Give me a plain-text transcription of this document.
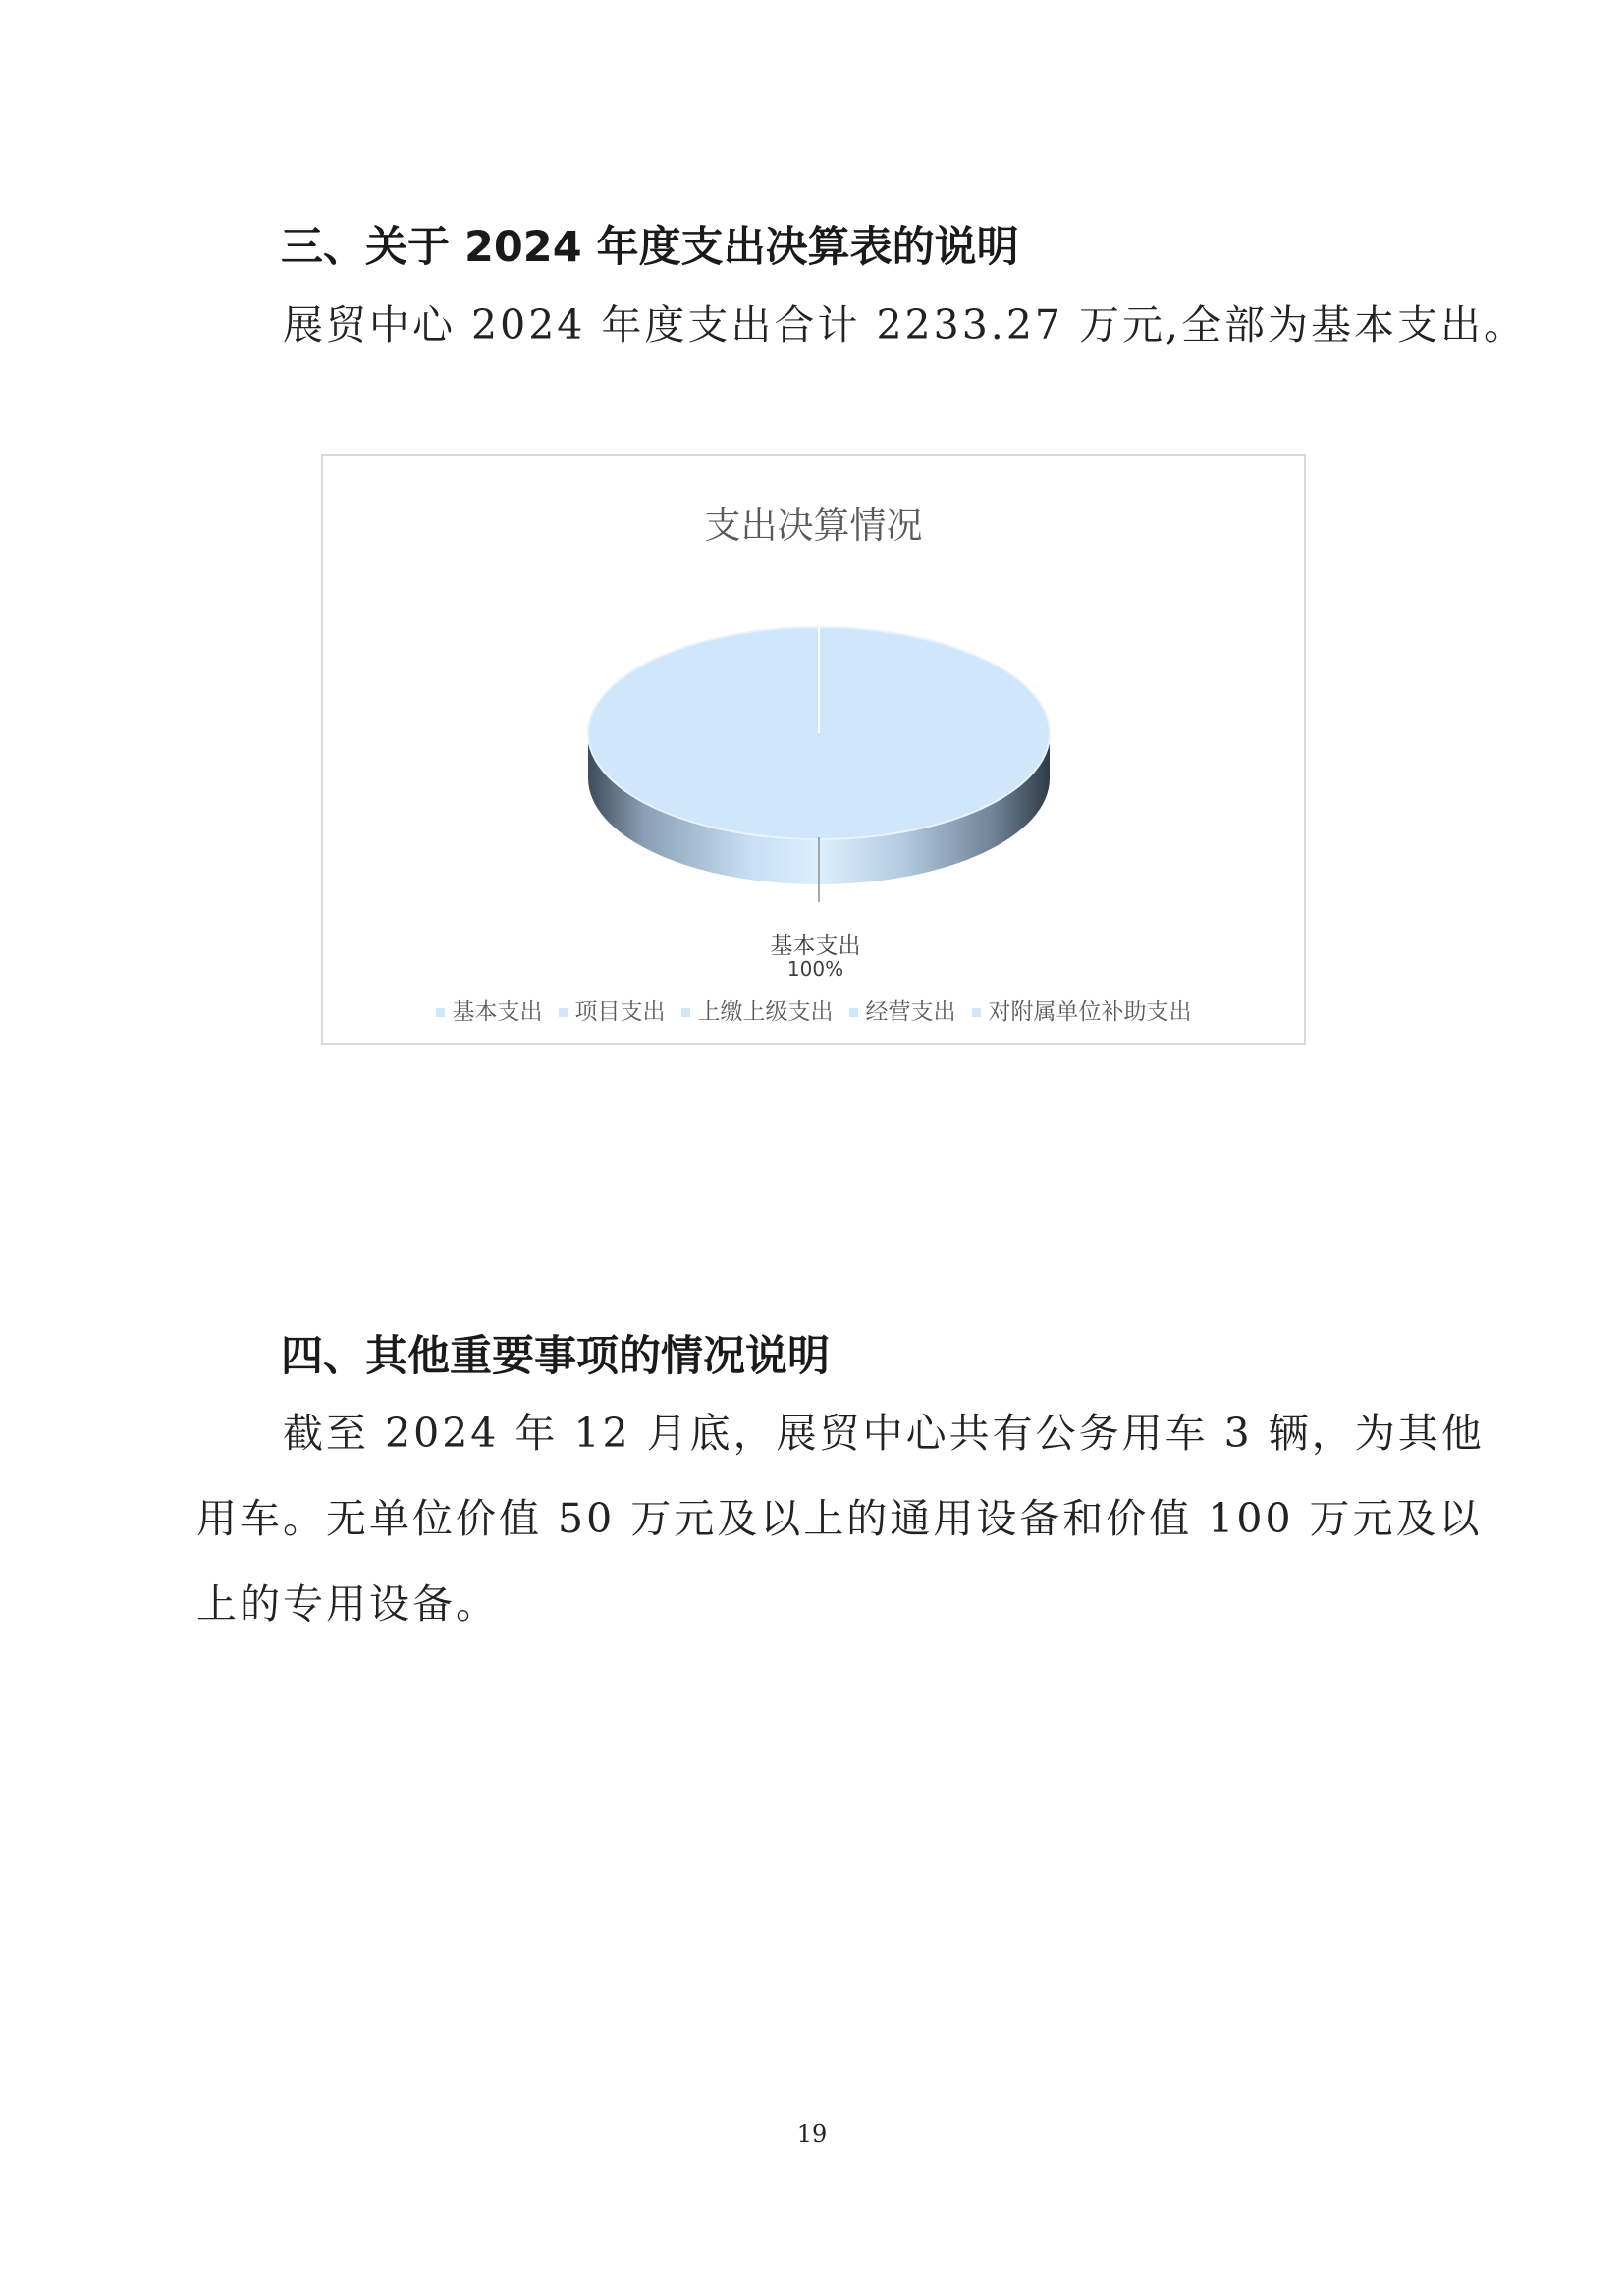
三、关于 2024 年度支出决算表的说明

展贸中心 2024 年度支出合计 2233.27 万元,全部为基本支出。

支出决算情况
基本支出
100%
基本支出 项目支出 上缴上级支出 经营支出 对附属单位补助支出
四、其他重要事项的情况说明

截至 2024 年 12 月底，展贸中心共有公务用车 3 辆，为其他

用车。无单位价值 50 万元及以上的通用设备和价值 100 万元及以

上的专用设备。

19
